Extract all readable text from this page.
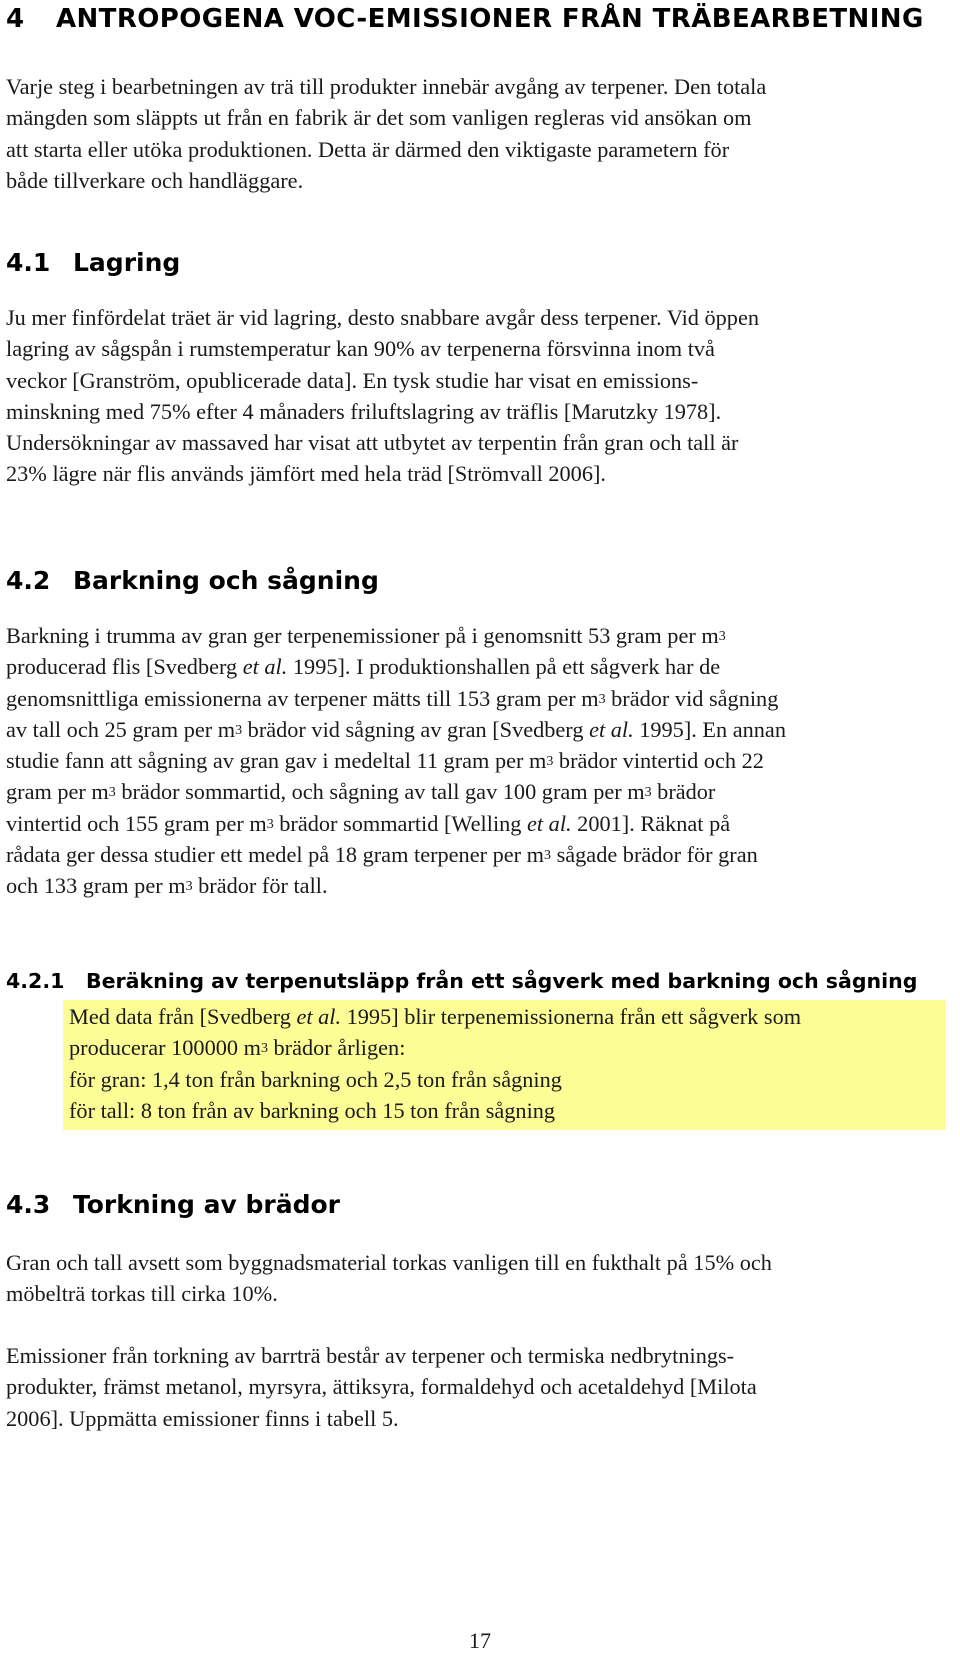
4 ANTROPOGENA VOC-EMISSIONER FRÅN TRÄBEARBETNING

Varje steg i bearbetningen av trä till produkter innebär avgång av terpener. Den totala
mängden som släppts ut från en fabrik är det som vanligen regleras vid ansökan om
att starta eller utöka produktionen. Detta är därmed den viktigaste parametern för
både tillverkare och handläggare.

4.1 Lagring

Ju mer finfördelat träet är vid lagring, desto snabbare avgår dess terpener. Vid öppen
lagring av sågspån i rumstemperatur kan 90% av terpenerna försvinna inom två
veckor [Granström, opublicerade data]. En tysk studie har visat en emissions-
minskning med 75% efter 4 månaders friluftslagring av träflis [Marutzky 1978].
Undersökningar av massaved har visat att utbytet av terpentin från gran och tall är
23% lägre när flis används jämfört med hela träd [Strömvall 2006].

4.2 Barkning och sågning

Barkning i trumma av gran ger terpenemissioner på i genomsnitt 53 gram per $m^3$
producerad flis [Svedberg et al. 1995]. I produktionshallen på ett sågverk har de
genomsnittliga emissionerna av terpener mätts till 153 gram per $m^3$ brädor vid sågning
av tall och 25 gram per $m^3$ brädor vid sågning av gran [Svedberg et al. 1995]. En annan
studie fann att sågning av gran gav i medeltal 11 gram per $m^3$ brädor vintertid och 22
gram per $m^3$ brädor sommartid, och sågning av tall gav 100 gram per $m^3$ brädor
vintertid och 155 gram per $m^3$ brädor sommartid [Welling et al. 2001]. Räknat på
rådata ger dessa studier ett medel på 18 gram terpener per $m^3$ sågade brädor för gran
och 133 gram per $m^3$ brädor för tall.

4.2.1 Beräkning av terpenutsläpp från ett sågverk med barkning och sågning

Med data från [Svedberg et al. 1995] blir terpenemissionerna från ett sågverk som
producerar 100000 $m^3$ brädor årligen:
för gran: 1,4 ton från barkning och 2,5 ton från sågning
för tall: 8 ton från av barkning och 15 ton från sågning

4.3 Torkning av brädor

Gran och tall avsett som byggnadsmaterial torkas vanligen till en fukthalt på 15% och
möbelträ torkas till cirka 10%.

Emissioner från torkning av barrträ består av terpener och termiska nedbrytnings-
produkter, främst metanol, myrsyra, ättiksyra, formaldehyd och acetaldehyd [Milota
2006]. Uppmätta emissioner finns i tabell 5.

17
